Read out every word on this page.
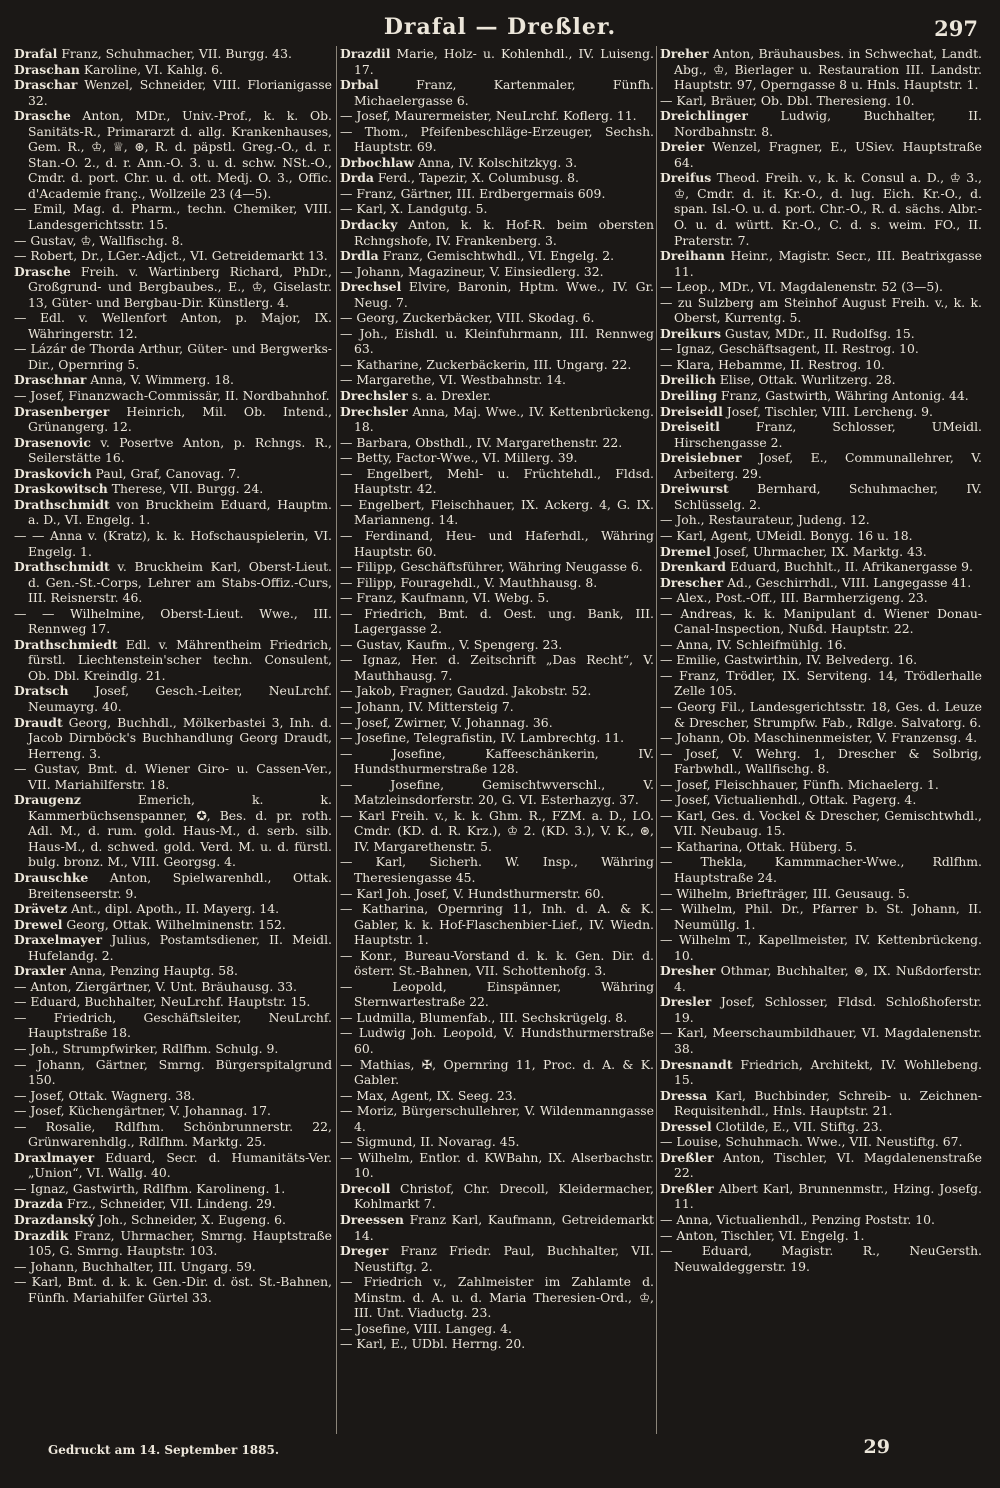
Drafal — Dreßler.	297

Drafal Franz, Schuhmacher, VII. Burgg. 43.

Draschan Karoline, VI. Kahlg. 6.

Draschar Wenzel, Schneider, VIII. Florianigasse 32.

Drasche Anton, MDr., Univ.-Prof., k. k. Ob. Sanitäts-R., Primararzt d. allg. Krankenhauses, Gem. R., ♔, ♕, ⊛, R. d. päpstl. Greg.-O., d. r. Stan.-O. 2., d. r. Ann.-O. 3. u. d. schw. NSt.-O., Cmdr. d. port. Chr. u. d. ott. Medj. O. 3., Offic. d'Academie franç., Wollzeile 23 (4—5).

— Emil, Mag. d. Pharm., techn. Chemiker, VIII. Landesgerichtsstr. 15.

— Gustav, ♔, Wallfischg. 8.

— Robert, Dr., LGer.-Adjct., VI. Getreidemarkt 13.

Drasche Freih. v. Wartinberg Richard, PhDr., Großgrund- und Bergbaubes., E., ♔, Giselastr. 13, Güter- und Bergbau-Dir. Künstlerg. 4.

— Edl. v. Wellenfort Anton, p. Major, IX. Währingerstr. 12.

— Lázár de Thorda Arthur, Güter- und Bergwerks-Dir., Opernring 5.

Draschnar Anna, V. Wimmerg. 18.

— Josef, Finanzwach-Commissär, II. Nordbahnhof.

Drasenberger Heinrich, Mil. Ob. Intend., Grünangerg. 12.

Drasenovic v. Posertve Anton, p. Rchngs. R., Seilerstätte 16.

Draskovich Paul, Graf, Canovag. 7.

Draskowitsch Therese, VII. Burgg. 24.

Drathschmidt von Bruckheim Eduard, Hauptm. a. D., VI. Engelg. 1.

— — Anna v. (Kratz), k. k. Hofschauspielerin, VI. Engelg. 1.

Drathschmidt v. Bruckheim Karl, Oberst-Lieut. d. Gen.-St.-Corps, Lehrer am Stabs-Offiz.-Curs, III. Reisnerstr. 46.

— — Wilhelmine, Oberst-Lieut. Wwe., III. Rennweg 17.

Drathschmiedt Edl. v. Mährentheim Friedrich, fürstl. Liechtenstein'scher techn. Consulent, Ob. Dbl. Kreindlg. 21.

Dratsch Josef, Gesch.-Leiter, NeuLrchf. Neumayrg. 40.

Draudt Georg, Buchhdl., Mölkerbastei 3, Inh. d. Jacob Dirnböck's Buchhandlung Georg Draudt, Herreng. 3.

— Gustav, Bmt. d. Wiener Giro- u. Cassen-Ver., VII. Mariahilferstr. 18.

Draugenz	Emerich, k. k. Kammerbüchsenspanner, ✪, Bes. d. pr. roth. Adl. M., d. rum. gold. Haus-M., d. serb. silb. Haus-M., d. schwed. gold. Verd. M. u. d. fürstl. bulg. bronz. M., VIII. Georgsg. 4.

Drauschke Anton, Spielwarenhdl., Ottak. Breitenseerstr. 9.

Drävetz Ant., dipl. Apoth., II. Mayerg. 14.

Drewel Georg, Ottak. Wilhelminenstr. 152.

Draxelmayer Julius, Postamtsdiener, II. Meidl. Hufelandg. 2.

Draxler Anna, Penzing Hauptg. 58.

— Anton, Ziergärtner, V. Unt. Bräuhausg. 33.

— Eduard, Buchhalter, NeuLrchf. Hauptstr. 15.

— Friedrich, Geschäftsleiter, NeuLrchf. Hauptstraße 18.

— Joh., Strumpfwirker, Rdlfhm. Schulg. 9.

— Johann, Gärtner, Smrng. Bürgerspitalgrund 150.

— Josef, Ottak. Wagnerg. 38.

— Josef, Küchengärtner, V. Johannag. 17.

— Rosalie, Rdlfhm. Schönbrunnerstr. 22, Grünwarenhdlg., Rdlfhm. Marktg. 25.

Draxlmayer Eduard, Secr. d. Humanitäts-Ver. „Union“, VI. Wallg. 40.

— Ignaz, Gastwirth, Rdlfhm. Karolineng. 1.

Drazda Frz., Schneider, VII. Lindeng. 29.

Drazdanský Joh., Schneider, X. Eugeng. 6.

Drazdik Franz, Uhrmacher, Smrng. Hauptstraße 105, G. Smrng. Hauptstr. 103.

— Johann, Buchhalter, III. Ungarg. 59.

— Karl, Bmt. d. k. k. Gen.-Dir. d. öst. St.-Bahnen, Fünfh. Mariahilfer Gürtel 33.

Drazdil Marie, Holz- u. Kohlenhdl., IV. Luiseng. 17.

Drbal	Franz, Kartenmaler, Fünfh. Michaelergasse 6.

— Josef, Maurermeister, NeuLrchf. Koflerg. 11.

— Thom., Pfeifenbeschläge-Erzeuger, Sechsh. Hauptstr. 69.

Drbochlaw Anna, IV. Kolschitzkyg. 3.

Drda Ferd., Tapezir, X. Columbusg. 8.

— Franz, Gärtner, III. Erdbergermais 609.

— Karl, X. Landgutg. 5.

Drdacky Anton, k. k. Hof-R. beim obersten Rchngshofe, IV. Frankenberg. 3.

Drdla Franz, Gemischtwhdl., VI. Engelg. 2.

— Johann, Magazineur, V. Einsiedlerg. 32.

Drechsel Elvire, Baronin, Hptm. Wwe., IV. Gr. Neug. 7.

— Georg, Zuckerbäcker, VIII. Skodag. 6.

— Joh., Eishdl. u. Kleinfuhrmann, III. Rennweg 63.

— Katharine, Zuckerbäckerin, III. Ungarg. 22.

— Margarethe, VI. Westbahnstr. 14.

Drechsler s. a. Drexler.

Drechsler Anna, Maj. Wwe., IV. Kettenbrückeng. 18.

— Barbara, Obsthdl., IV. Margarethenstr. 22.

— Betty, Factor-Wwe., VI. Millerg. 39.

— Engelbert, Mehl- u. Früchtehdl., Fldsd. Hauptstr. 42.

— Engelbert, Fleischhauer, IX. Ackerg. 4, G. IX. Marianneng. 14.

— Ferdinand, Heu- und Haferhdl., Währing Hauptstr. 60.

— Filipp, Geschäftsführer, Währing Neugasse 6.

— Filipp, Fouragehdl., V. Mauthhausg. 8.

— Franz, Kaufmann, VI. Webg. 5.

— Friedrich, Bmt. d. Oest. ung. Bank, III. Lagergasse 2.

— Gustav, Kaufm., V. Spengerg. 23.

— Ignaz, Her. d. Zeitschrift „Das Recht“, V. Mauthhausg. 7.

— Jakob, Fragner, Gaudzd. Jakobstr. 52.

— Johann, IV. Mittersteig 7.

— Josef, Zwirner, V. Johannag. 36.

— Josefine, Telegrafistin, IV. Lambrechtg. 11.

— Josefine, Kaffeeschänkerin, IV. Hundsthurmerstraße 128.

— Josefine, Gemischtwverschl., V. Matzleinsdorferstr. 20, G. VI. Esterhazyg. 37.

— Karl Freih. v., k. k. Ghm. R., FZM. a. D., LO. Cmdr. (KD. d. R. Krz.), ♔ 2. (KD. 3.), V. K., ⊛, IV. Margarethenstr. 5.

— Karl, Sicherh. W. Insp., Währing Theresiengasse 45.

— Karl Joh. Josef, V. Hundsthurmerstr. 60.

— Katharina, Opernring 11, Inh. d. A. & K. Gabler, k. k. Hof-Flaschenbier-Lief., IV. Wiedn. Hauptstr. 1.

— Konr., Bureau-Vorstand d. k. k. Gen. Dir. d. österr. St.-Bahnen, VII. Schottenhofg. 3.

— Leopold, Einspänner, Währing Sternwartestraße 22.

— Ludmilla, Blumenfab., III. Sechskrügelg. 8.

— Ludwig Joh. Leopold, V. Hundsthurmerstraße 60.

— Mathias, ✠, Opernring 11, Proc. d. A. & K. Gabler.

— Max, Agent, IX. Seeg. 23.

— Moriz, Bürgerschullehrer, V. Wildenmanngasse 4.

— Sigmund, II. Novarag. 45.

— Wilhelm, Entlor. d. KWBahn, IX. Alserbachstr. 10.

Drecoll Christof, Chr. Drecoll, Kleidermacher, Kohlmarkt 7.

Dreessen Franz Karl, Kaufmann, Getreidemarkt 14.

Dreger Franz Friedr. Paul, Buchhalter, VII. Neustiftg. 2.

— Friedrich v., Zahlmeister im Zahlamte d. Minstm. d. A. u. d. Maria Theresien-Ord., ♔, III. Unt. Viaductg. 23.

— Josefine, VIII. Langeg. 4.

— Karl, E., UDbl. Herrng. 20.

Dreher Anton, Bräuhausbes. in Schwechat, Landt. Abg., ♔, Bierlager u. Restauration III. Landstr. Hauptstr. 97, Operngasse 8 u. Hnls. Hauptstr. 1.

— Karl, Bräuer, Ob. Dbl. Theresieng. 10.

Dreichlinger	Ludwig, Buchhalter, II. Nordbahnstr. 8.

Dreier Wenzel, Fragner, E., USiev. Hauptstraße 64.

Dreifus Theod. Freih. v., k. k. Consul a. D., ♔ 3., ♔, Cmdr. d. it. Kr.-O., d. lug. Eich. Kr.-O., d. span. Isl.-O. u. d. port. Chr.-O., R. d. sächs. Albr.-O. u. d. württ. Kr.-O., C. d. s. weim. FO., II. Praterstr. 7.

Dreihann Heinr., Magistr. Secr., III. Beatrixgasse 11.

— Leop., MDr., VI. Magdalenenstr. 52 (3—5).

— zu Sulzberg am Steinhof August Freih. v., k. k. Oberst, Kurrentg. 5.

Dreikurs Gustav, MDr., II. Rudolfsg. 15.

— Ignaz, Geschäftsagent, II. Restrog. 10.

— Klara, Hebamme, II. Restrog. 10.

Dreilich Elise, Ottak. Wurlitzerg. 28.

Dreiling Franz, Gastwirth, Währing Antonig. 44.

Dreiseidl Josef, Tischler, VIII. Lercheng. 9.

Dreiseitl	Franz, Schlosser, UMeidl. Hirschengasse 2.

Dreisiebner Josef, E., Communallehrer, V. Arbeiterg. 29.

Dreiwurst Bernhard, Schuhmacher, IV. Schlüsselg. 2.

— Joh., Restaurateur, Judeng. 12.

— Karl, Agent, UMeidl. Bonyg. 16 u. 18.

Dremel Josef, Uhrmacher, IX. Marktg. 43.

Drenkard Eduard, Buchhlt., II. Afrikanergasse 9.

Drescher Ad., Geschirrhdl., VIII. Langegasse 41.

— Alex., Post.-Off., III. Barmherzigeng. 23.

— Andreas, k. k. Manipulant d. Wiener Donau-Canal-Inspection, Nußd. Hauptstr. 22.

— Anna, IV. Schleifmühlg. 16.

— Emilie, Gastwirthin, IV. Belvederg. 16.

— Franz, Trödler, IX. Serviteng. 14, Trödlerhalle Zelle 105.

— Georg Fil., Landesgerichtsstr. 18, Ges. d. Leuze & Drescher, Strumpfw. Fab., Rdlge. Salvatorg. 6.

— Johann, Ob. Maschinenmeister, V. Franzensg. 4.

— Josef, V. Wehrg. 1, Drescher & Solbrig, Farbwhdl., Wallfischg. 8.

— Josef, Fleischhauer, Fünfh. Michaelerg. 1.

— Josef, Victualienhdl., Ottak. Pagerg. 4.

— Karl, Ges. d. Vockel & Drescher, Gemischtwhdl., VII. Neubaug. 15.

— Katharina, Ottak. Hüberg. 5.

— Thekla, Kammmacher-Wwe., Rdlfhm. Hauptstraße 24.

— Wilhelm, Briefträger, III. Geusaug. 5.

— Wilhelm, Phil. Dr., Pfarrer b. St. Johann, II. Neumüllg. 1.

— Wilhelm T., Kapellmeister, IV. Kettenbrückeng. 10.

Dresher Othmar, Buchhalter, ⊛, IX. Nußdorferstr. 4.

Dresler Josef, Schlosser, Fldsd. Schloßhoferstr. 19.

— Karl, Meerschaumbildhauer, VI. Magdalenenstr. 38.

Dresnandt Friedrich, Architekt, IV. Wohllebeng. 15.

Dressa Karl, Buchbinder, Schreib- u. Zeichnen-Requisitenhdl., Hnls. Hauptstr. 21.

Dressel Clotilde, E., VII. Stiftg. 23.

— Louise, Schuhmach. Wwe., VII. Neustiftg. 67.

Dreßler Anton, Tischler, VI. Magdalenenstraße 22.

Dreßler Albert Karl, Brunnenmstr., Hzing. Josefg. 11.

— Anna, Victualienhdl., Penzing Poststr. 10.

— Anton, Tischler, VI. Engelg. 1.

— Eduard, Magistr. R., NeuGersth. Neuwaldeggerstr. 19.

Gedruckt am 14. September 1885.	29
